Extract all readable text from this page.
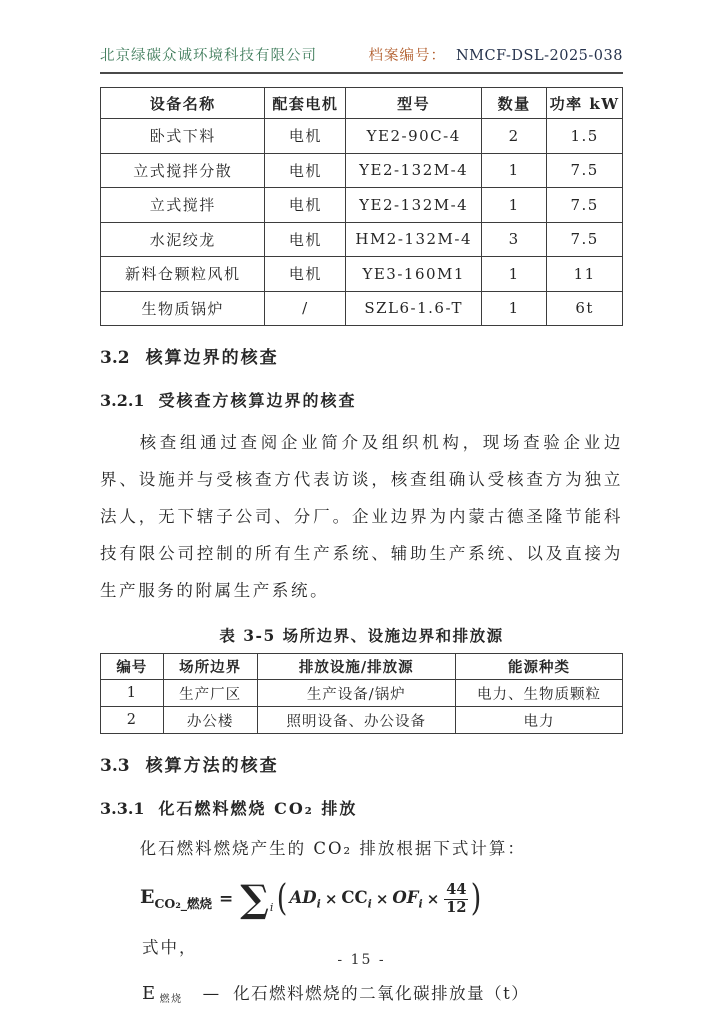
北京绿碳众诚环境科技有限公司	档案编号： NMCF-DSL-2025-038
设备名称	配套电机	型号	数量	功率 kW
卧式下料	电机	YE2-90C-4	2	1.5
立式搅拌分散	电机	YE2-132M-4	1	7.5
立式搅拌	电机	YE2-132M-4	1	7.5
水泥绞龙	电机	HM2-132M-4	3	7.5
新料仓颗粒风机	电机	YE3-160M1	1	11
生物质锅炉	/	SZL6-1.6-T	1	6t
3.2 核算边界的核查
3.2.1 受核查方核算边界的核查

核查组通过查阅企业简介及组织机构，现场查验企业边界、设施并与受核查方代表访谈，核查组确认受核查方为独立法人，无下辖子公司、分厂。企业边界为内蒙古德圣隆节能科技有限公司控制的所有生产系统、辅助生产系统、以及直接为生产服务的附属生产系统。

表 3-5 场所边界、设施边界和排放源
编号	场所边界	排放设施/排放源	能源种类
1	生产厂区	生产设备/锅炉	电力、生物质颗粒
2	办公楼	照明设备、办公设备	电力
3.3 核算方法的核查
3.3.1 化石燃料燃烧 CO₂ 排放

化石燃料燃烧产生的 CO₂ 排放根据下式计算：

$E_{CO_2\_燃烧}$ = ∑ i ( $AD_i \times CC_i \times OF_i \times \frac{44}{12}$ )
式中，
E 燃烧 — 化石燃料燃烧的二氧化碳排放量（t）
- 15 -
